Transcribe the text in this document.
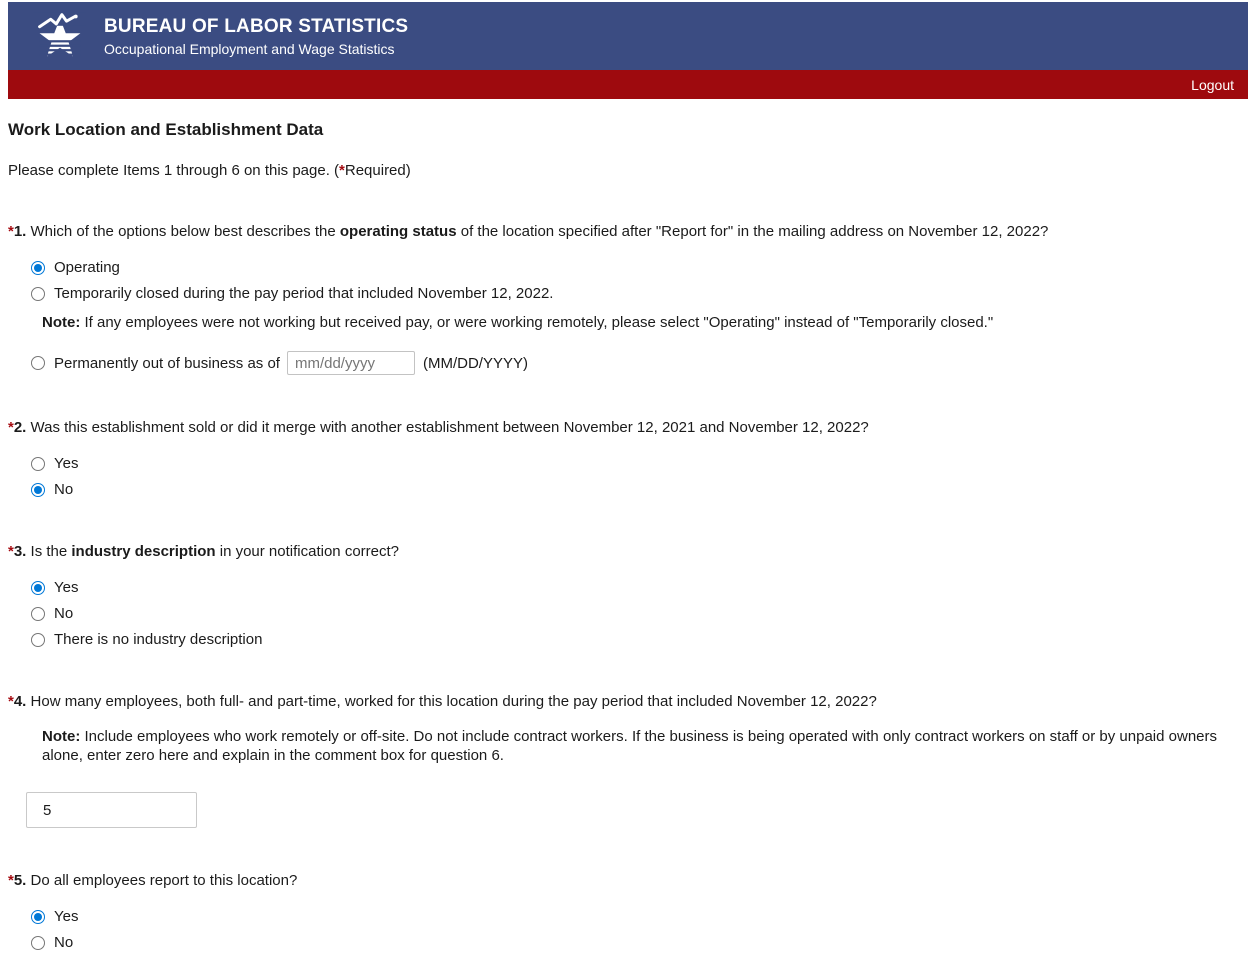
BUREAU OF LABOR STATISTICS
Occupational Employment and Wage Statistics
Logout
Work Location and Establishment Data

Please complete Items 1 through 6 on this page. (*Required)

*1. Which of the options below best describes the operating status of the location specified after "Report for" in the mailing address on November 12, 2022?
Operating
Temporarily closed during the pay period that included November 12, 2022.
Note: If any employees were not working but received pay, or were working remotely, please select "Operating" instead of "Temporarily closed."
Permanently out of business as of
mm/dd/yyyy	(MM/DD/YYYY)
*2. Was this establishment sold or did it merge with another establishment between November 12, 2021 and November 12, 2022?
Yes
No
*3. Is the industry description in your notification correct?
Yes
No
There is no industry description
*4. How many employees, both full- and part-time, worked for this location during the pay period that included November 12, 2022?
Note: Include employees who work remotely or off-site. Do not include contract workers. If the business is being operated with only contract workers on staff or by unpaid owners alone, enter zero here and explain in the comment box for question 6.
5
*5. Do all employees report to this location?
Yes
No
